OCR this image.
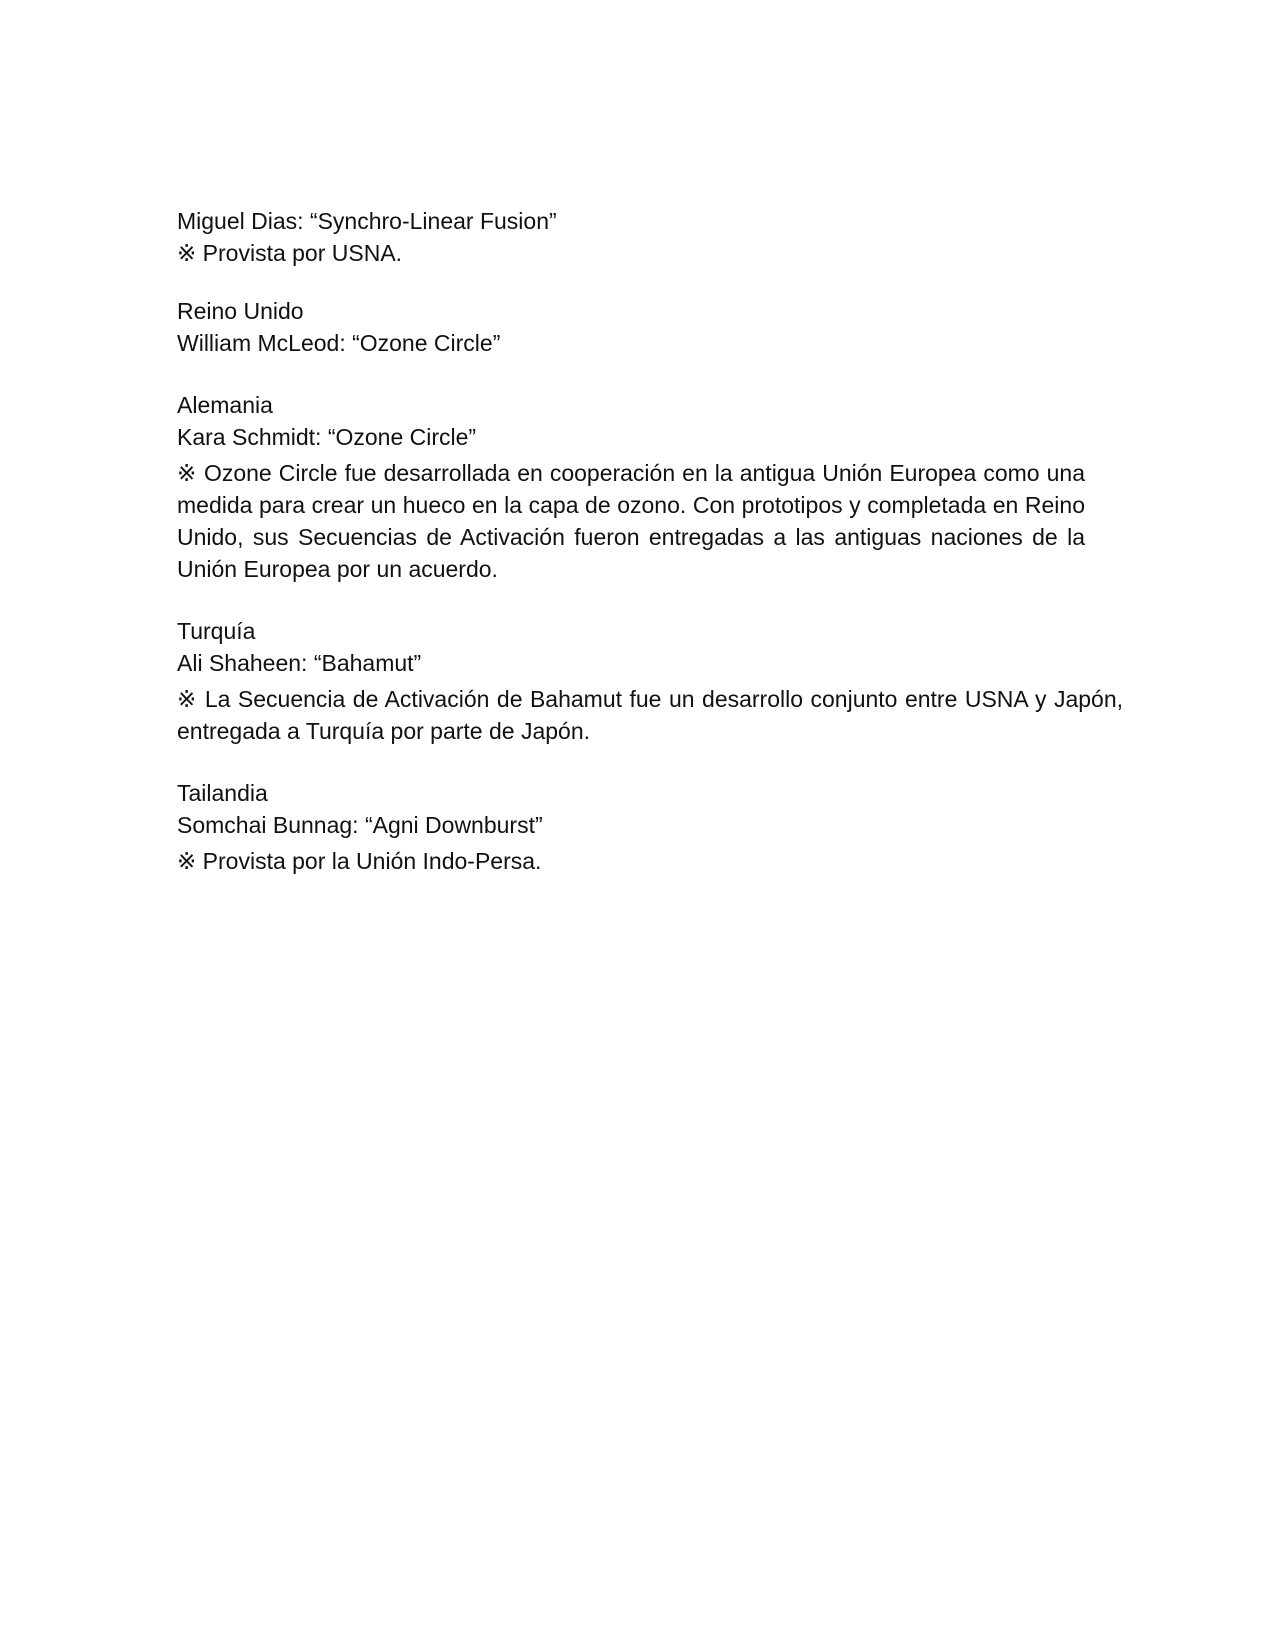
Miguel Dias: “Synchro-Linear Fusion”

※ Provista por USNA.

Reino Unido

William McLeod: “Ozone Circle”

Alemania

Kara Schmidt: “Ozone Circle”

※ Ozone Circle fue desarrollada en cooperación en la antigua Unión Europea como una medida para crear un hueco en la capa de ozono. Con prototipos y completada en Reino Unido, sus Secuencias de Activación fueron entregadas a las antiguas naciones de la Unión Europea por un acuerdo.

Turquía

Ali Shaheen: “Bahamut”

※ La Secuencia de Activación de Bahamut fue un desarrollo conjunto entre USNA y Japón, entregada a Turquía por parte de Japón.

Tailandia

Somchai Bunnag: “Agni Downburst”

※ Provista por la Unión Indo-Persa.
